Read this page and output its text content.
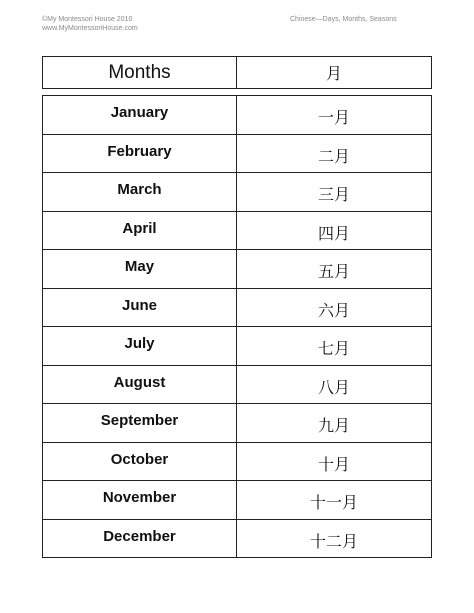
©My Montessori House 2010
www.MyMontessoriHouse.com
Chinese—Days, Months, Seasons
Months	月
January	一月
February	二月
March	三月
April	四月
May	五月
June	六月
July	七月
August	八月
September	九月
October	十月
November	十一月
December	十二月
